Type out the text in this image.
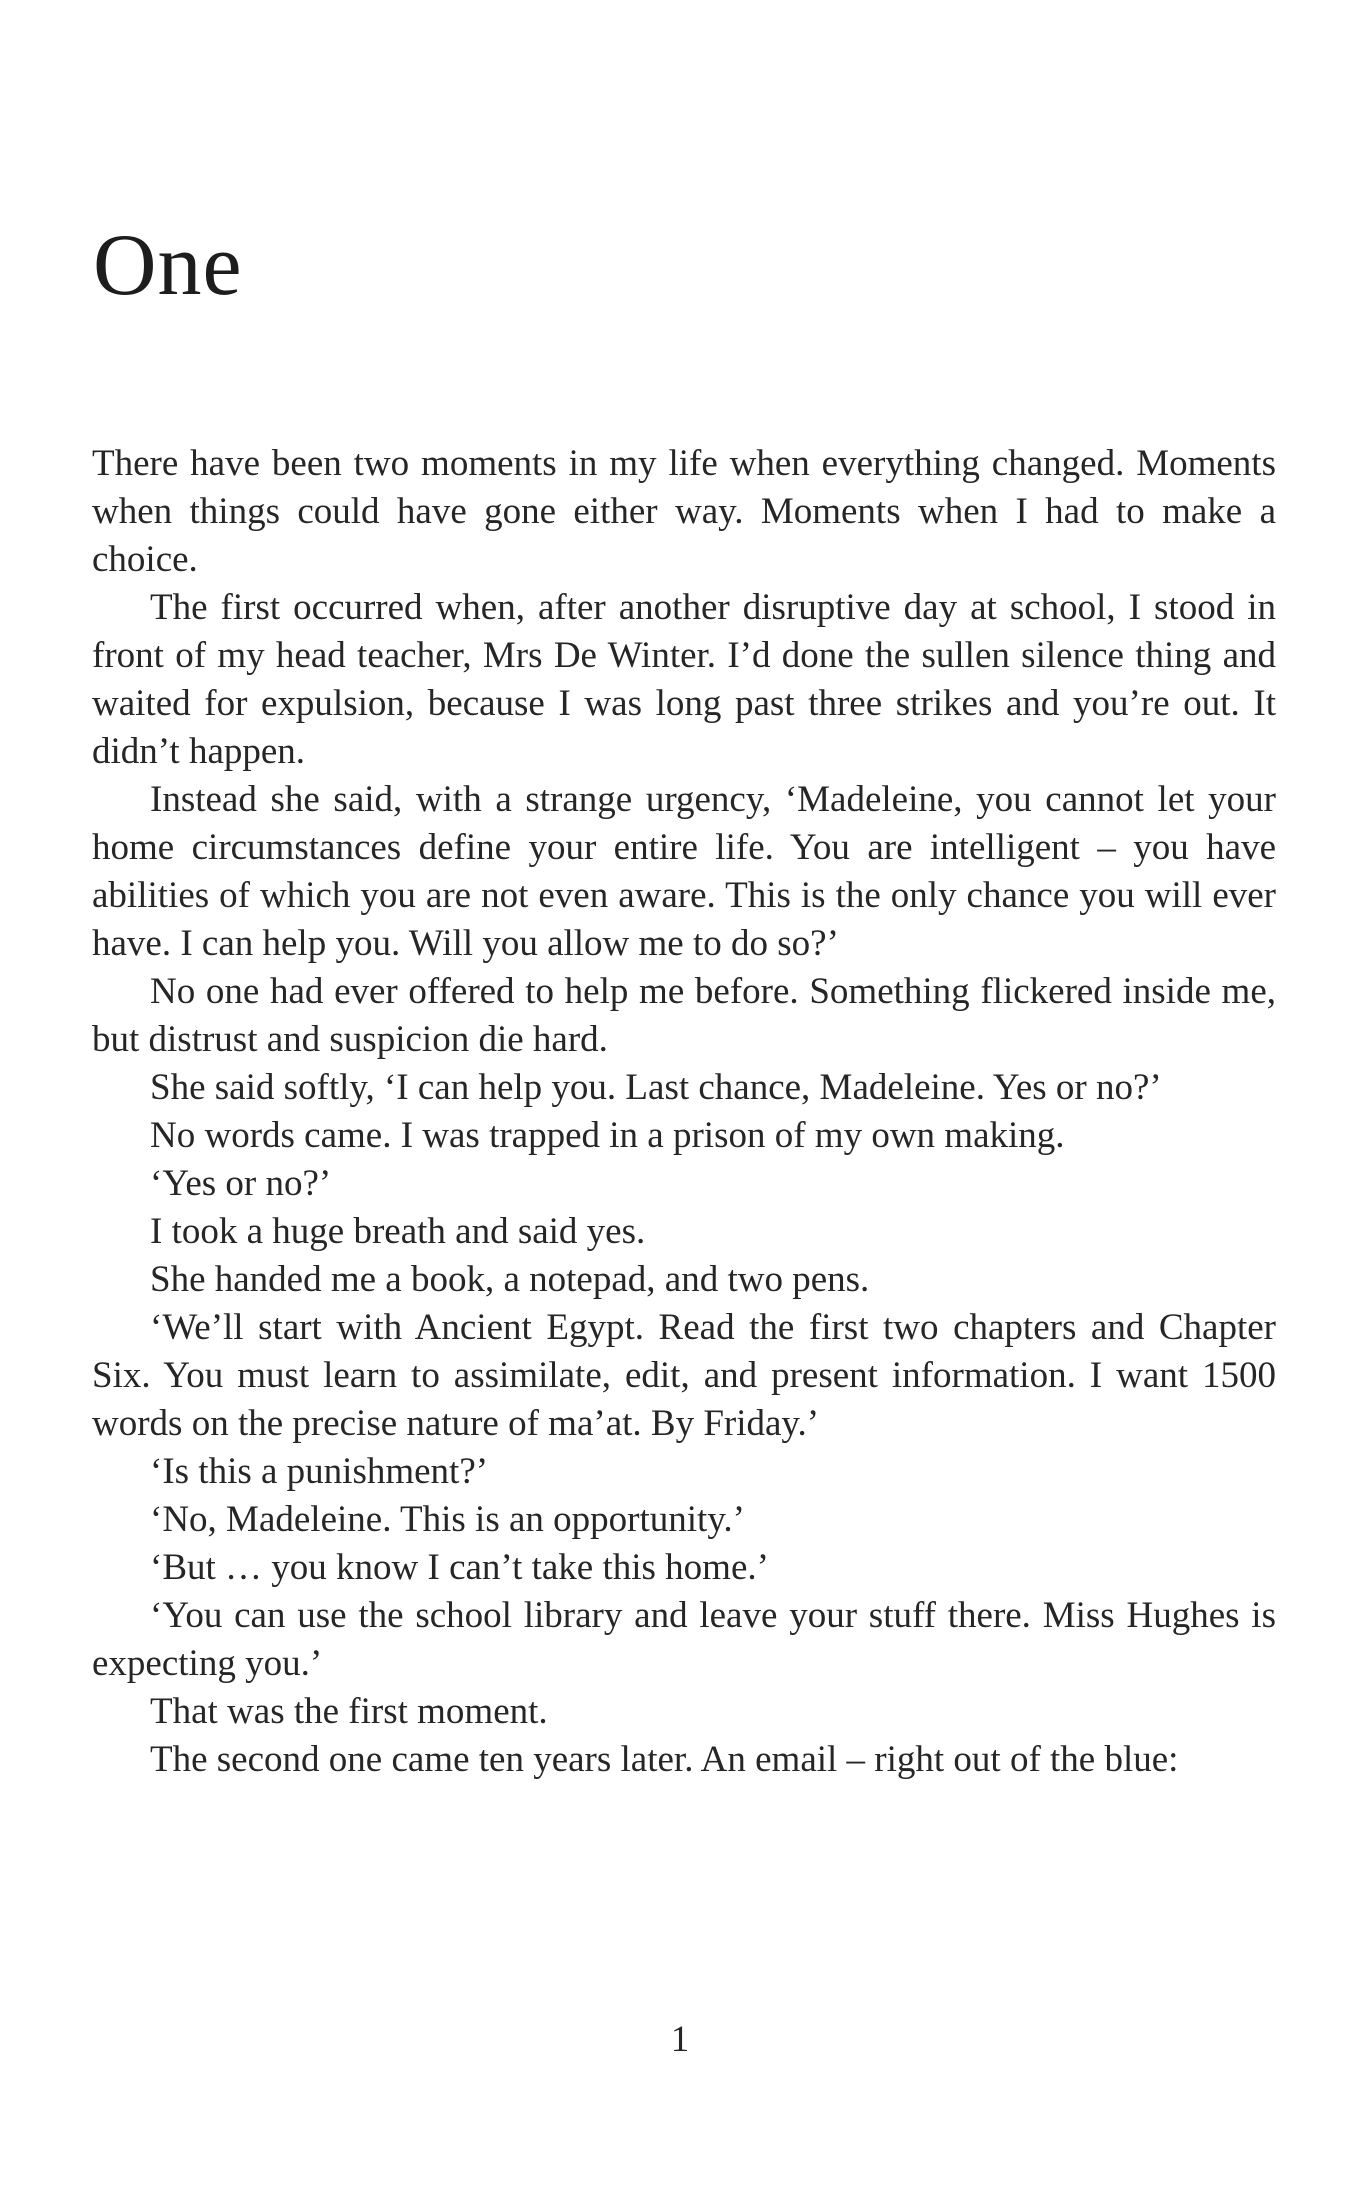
One

There have been two moments in my life when everything changed. Moments when things could have gone either way. Moments when I had to make a choice.

The first occurred when, after another disruptive day at school, I stood in front of my head teacher, Mrs De Winter. I’d done the sullen silence thing and waited for expulsion, because I was long past three strikes and you’re out. It didn’t happen.

Instead she said, with a strange urgency, ‘Madeleine, you cannot let your home circumstances define your entire life. You are intelligent – you have abilities of which you are not even aware. This is the only chance you will ever have. I can help you. Will you allow me to do so?’

No one had ever offered to help me before. Something flickered inside me, but distrust and suspicion die hard.

She said softly, ‘I can help you. Last chance, Madeleine. Yes or no?’

No words came. I was trapped in a prison of my own making.

‘Yes or no?’

I took a huge breath and said yes.

She handed me a book, a notepad, and two pens.

‘We’ll start with Ancient Egypt. Read the first two chapters and Chapter Six. You must learn to assimilate, edit, and present information. I want 1500 words on the precise nature of ma’at. By Friday.’

‘Is this a punishment?’

‘No, Madeleine. This is an opportunity.’

‘But … you know I can’t take this home.’

‘You can use the school library and leave your stuff there. Miss Hughes is expecting you.’

That was the first moment.

The second one came ten years later. An email – right out of the blue:

1
